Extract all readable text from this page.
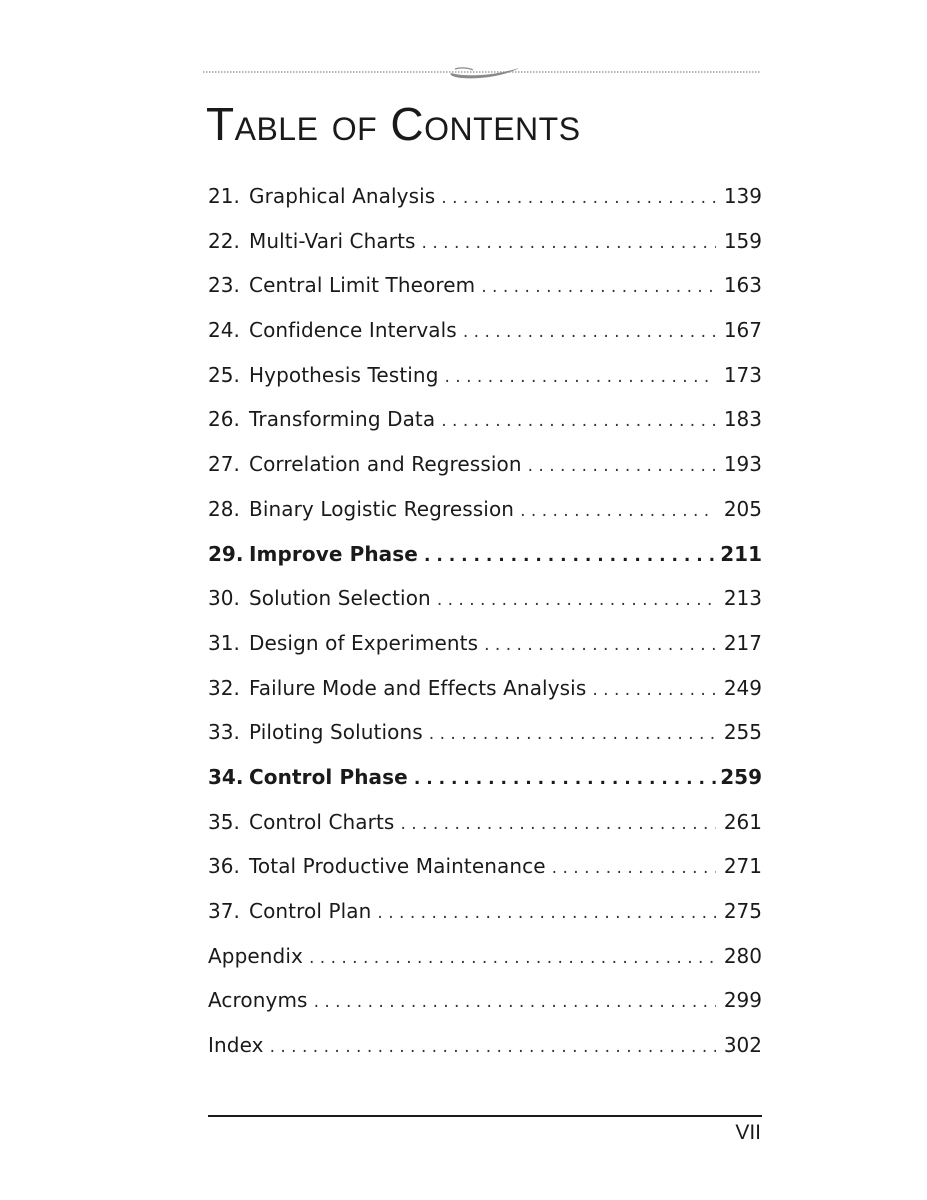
Table of Contents
21. Graphical Analysis . . .	139
22. Multi-Vari Charts . . .	159
23. Central Limit Theorem . . .	163
24. Confidence Intervals . . .	167
25. Hypothesis Testing . . .	173
26. Transforming Data . . .	183
27. Correlation and Regression . . .	193
28. Binary Logistic Regression . . .	205
29. Improve Phase . . .	211
30. Solution Selection . . .	213
31. Design of Experiments . . .	217
32. Failure Mode and Effects Analysis . . .	249
33. Piloting Solutions . . .	255
34. Control Phase . . .	259
35. Control Charts . . .	261
36. Total Productive Maintenance . . .	271
37. Control Plan . . .	275
Appendix . . .	280
Acronyms . . .	299
Index . . .	302
VII
